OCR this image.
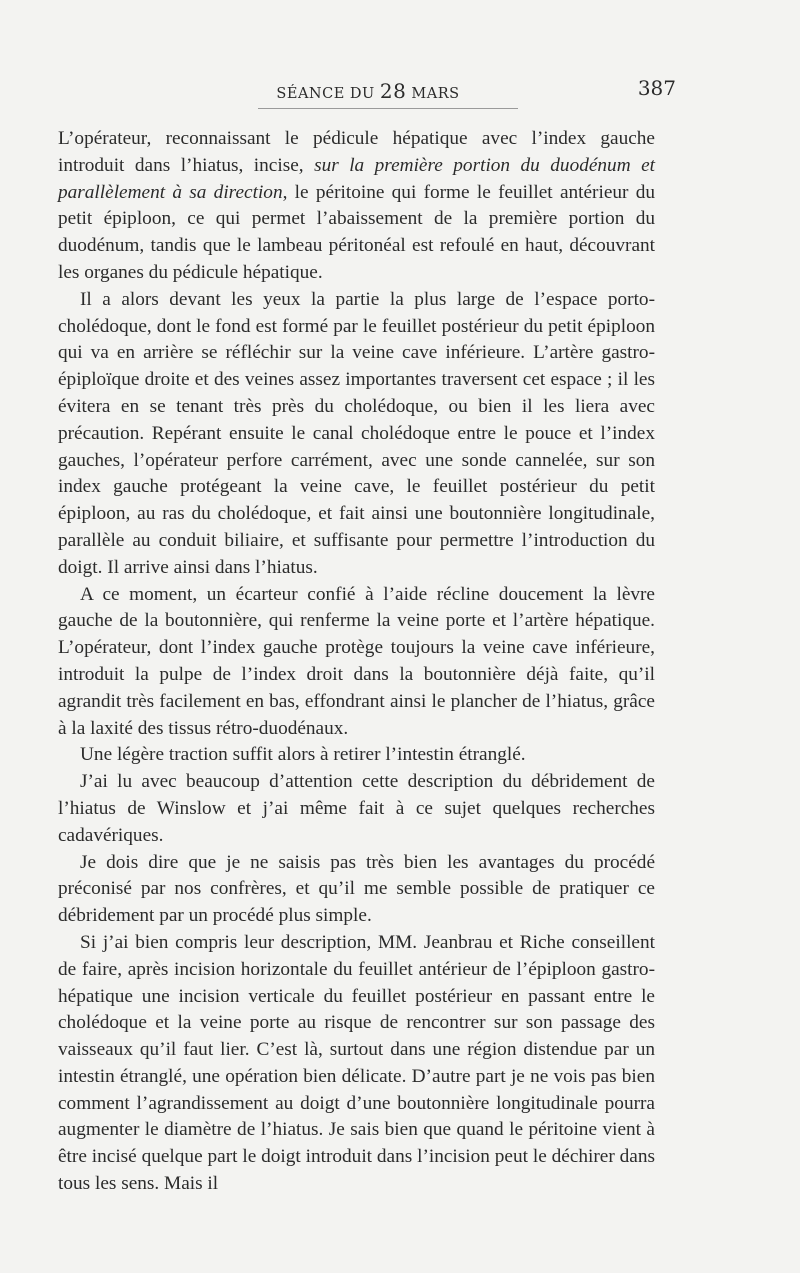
SÉANCE DU 28 MARS	387

L’opérateur, reconnaissant le pédicule hépatique avec l’index gauche introduit dans l’hiatus, incise, sur la première portion du duodénum et parallèlement à sa direction, le péritoine qui forme le feuillet antérieur du petit épiploon, ce qui permet l’abaissement de la première portion du duodénum, tandis que le lambeau péritonéal est refoulé en haut, découvrant les organes du pédicule hépatique.

Il a alors devant les yeux la partie la plus large de l’espace porto-cholédoque, dont le fond est formé par le feuillet postérieur du petit épiploon qui va en arrière se réfléchir sur la veine cave inférieure. L’artère gastro-épiploïque droite et des veines assez importantes traversent cet espace ; il les évitera en se tenant très près du cholédoque, ou bien il les liera avec précaution. Repérant ensuite le canal cholédoque entre le pouce et l’index gauches, l’opérateur perfore carrément, avec une sonde cannelée, sur son index gauche protégeant la veine cave, le feuillet postérieur du petit épiploon, au ras du cholédoque, et fait ainsi une boutonnière longitudinale, parallèle au conduit biliaire, et suffisante pour permettre l’introduction du doigt. Il arrive ainsi dans l’hiatus.

A ce moment, un écarteur confié à l’aide récline doucement la lèvre gauche de la boutonnière, qui renferme la veine porte et l’artère hépatique. L’opérateur, dont l’index gauche protège toujours la veine cave inférieure, introduit la pulpe de l’index droit dans la boutonnière déjà faite, qu’il agrandit très facilement en bas, effondrant ainsi le plancher de l’hiatus, grâce à la laxité des tissus rétro-duodénaux.

Une légère traction suffit alors à retirer l’intestin étranglé.

J’ai lu avec beaucoup d’attention cette description du débridement de l’hiatus de Winslow et j’ai même fait à ce sujet quelques recherches cadavériques.

Je dois dire que je ne saisis pas très bien les avantages du procédé préconisé par nos confrères, et qu’il me semble possible de pratiquer ce débridement par un procédé plus simple.

Si j’ai bien compris leur description, MM. Jeanbrau et Riche conseillent de faire, après incision horizontale du feuillet antérieur de l’épiploon gastro-hépatique une incision verticale du feuillet postérieur en passant entre le cholédoque et la veine porte au risque de rencontrer sur son passage des vaisseaux qu’il faut lier. C’est là, surtout dans une région distendue par un intestin étranglé, une opération bien délicate. D’autre part je ne vois pas bien comment l’agrandissement au doigt d’une boutonnière longitudinale pourra augmenter le diamètre de l’hiatus. Je sais bien que quand le péritoine vient à être incisé quelque part le doigt introduit dans l’incision peut le déchirer dans tous les sens. Mais il
